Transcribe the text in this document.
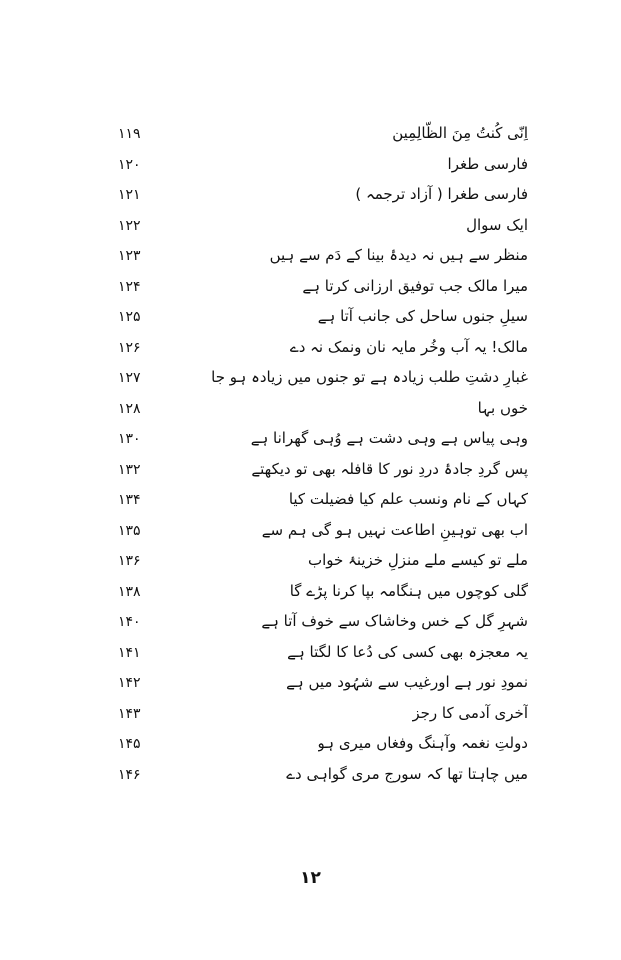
اِنّی کُنتُ مِنَ الظّالِمِین
۱۱۹
فارسی طغرا
۱۲۰
فارسی طغرا ( آزاد ترجمہ )
۱۲۱
ایک سوال
۱۲۲
منظر سے ہیں نہ دیدۂ بینا کے دَم سے ہیں
۱۲۳
میرا مالک جب توفیق ارزانی کرتا ہے
۱۲۴
سیلِ جنوں ساحل کی جانب آتا ہے
۱۲۵
مالک! یہ آب وخُر مایہ نان ونمک نہ دے
۱۲۶
غبارِ دشتِ طلب زیادہ ہے تو جنوں میں زیادہ ہو جا
۱۲۷
خوں بہا
۱۲۸
وہی پیاس ہے وہی دشت ہے وُہی گھرانا ہے
۱۳۰
پس گردِ جادۂ دردِ نور کا قافلہ بھی تو دیکھتے
۱۳۲
کہاں کے نام ونسب علم کیا فضیلت کیا
۱۳۴
اب بھی توہینِ اطاعت نہیں ہو گی ہم سے
۱۳۵
ملے تو کیسے ملے منزلِ خزینۂ خواب
۱۳۶
گلی کوچوں میں ہنگامہ بپا کرنا پڑے گا
۱۳۸
شہرِ گل کے خس وخاشاک سے خوف آتا ہے
۱۴۰
یہ معجزہ بھی کسی کی دُعا کا لگتا ہے
۱۴۱
نمودِ نور ہے اورغیب سے شہُود میں ہے
۱۴۲
آخری آدمی کا رجز
۱۴۳
دولتِ نغمہ وآہنگ وفغاں میری ہو
۱۴۵
میں چاہتا تھا کہ سورج مری گواہی دے
۱۴۶
۱۲
